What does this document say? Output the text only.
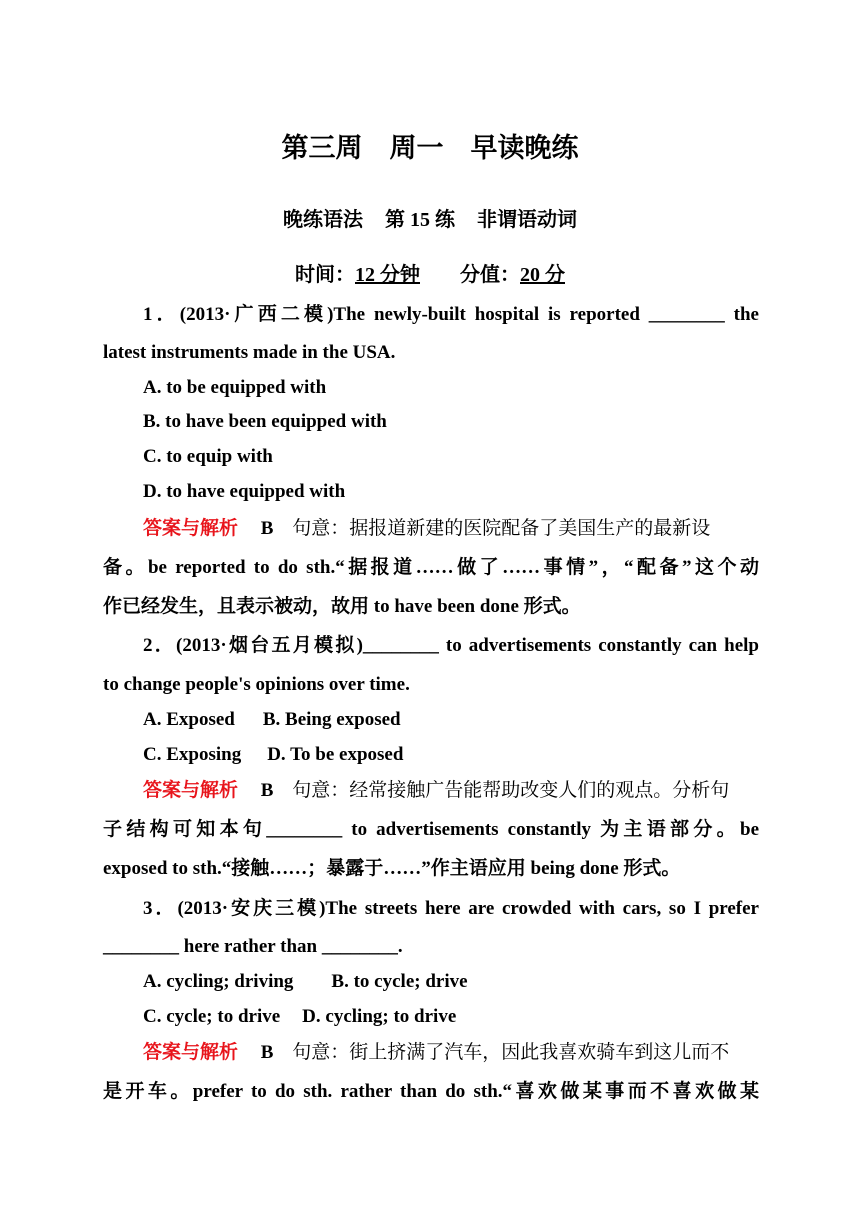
第三周　周一　早读晚练
晚练语法 第 15 练 非谓语动词
时间：12 分钟 分值：20 分
1．(2013·广西二模)The newly-built hospital is reported ________ the
latest instruments made in the USA.
A. to be equipped with
B. to have been equipped with
C. to equip with
D. to have equipped with
答案与解析 B 句意：据报道新建的医院配备了美国生产的最新设
备。be reported to do sth.“据报道……做了……事情”，“配备”这个动
作已经发生，且表示被动，故用 to have been done 形式。
2．(2013·烟台五月模拟)________ to advertisements constantly can help
to change people's opinions over time.
A. Exposed B. Being exposed
C. Exposing D. To be exposed
答案与解析 B 句意：经常接触广告能帮助改变人们的观点。分析句
子结构可知本句________ to advertisements constantly 为主语部分。be
exposed to sth.“接触……；暴露于……”作主语应用 being done 形式。
3．(2013·安庆三模)The streets here are crowded with cars, so I prefer
________ here rather than ________.
A. cycling; driving B. to cycle; drive
C. cycle; to drive D. cycling; to drive
答案与解析 B 句意：街上挤满了汽车，因此我喜欢骑车到这儿而不
是开车。prefer to do sth. rather than do sth.“喜欢做某事而不喜欢做某
